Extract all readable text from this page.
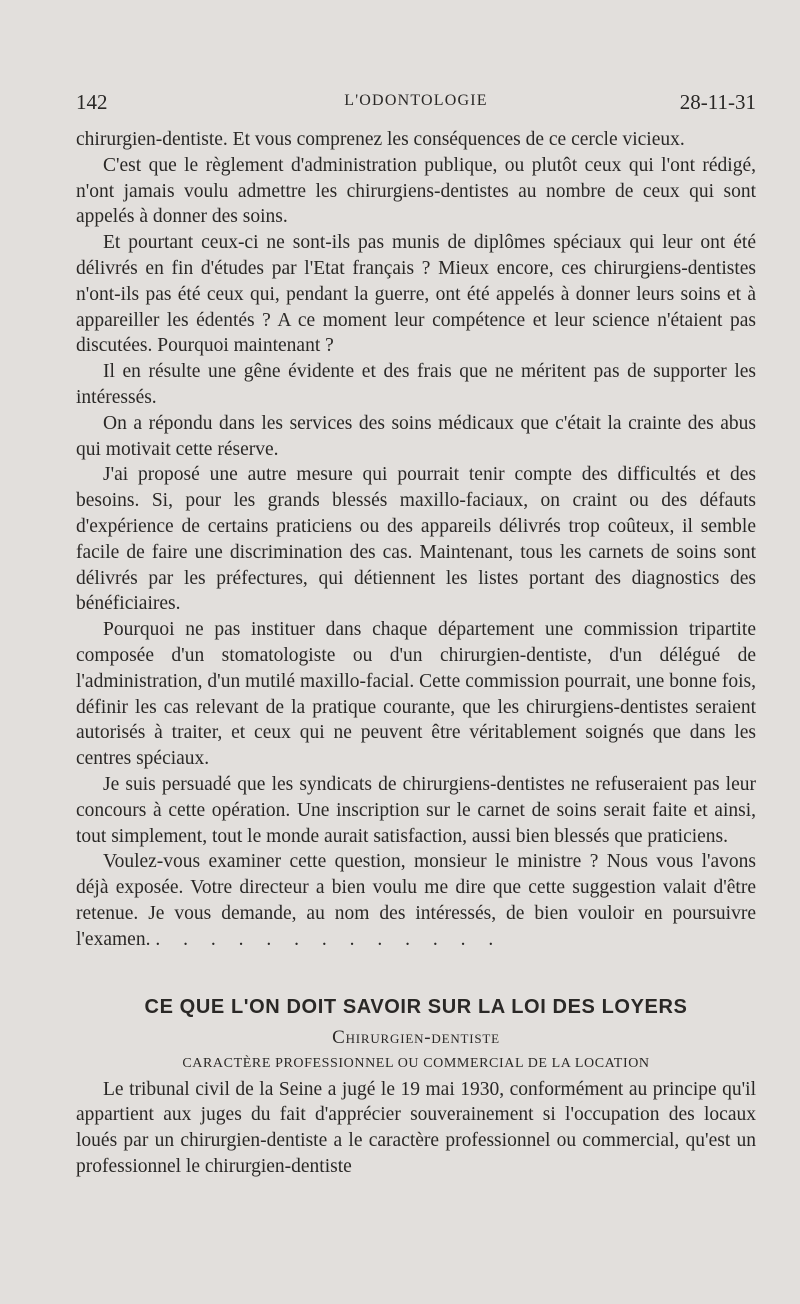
142	L'ODONTOLOGIE	28-11-31

chirurgien-dentiste. Et vous comprenez les conséquences de ce cercle vicieux.

C'est que le règlement d'administration publique, ou plutôt ceux qui l'ont rédigé, n'ont jamais voulu admettre les chirurgiens-dentistes au nombre de ceux qui sont appelés à donner des soins.

Et pourtant ceux-ci ne sont-ils pas munis de diplômes spéciaux qui leur ont été délivrés en fin d'études par l'Etat français ? Mieux encore, ces chirurgiens-dentistes n'ont-ils pas été ceux qui, pendant la guerre, ont été appelés à donner leurs soins et à appareiller les édentés ? A ce moment leur compétence et leur science n'étaient pas discutées. Pourquoi maintenant ?

Il en résulte une gêne évidente et des frais que ne méritent pas de supporter les intéressés.

On a répondu dans les services des soins médicaux que c'était la crainte des abus qui motivait cette réserve.

J'ai proposé une autre mesure qui pourrait tenir compte des difficultés et des besoins. Si, pour les grands blessés maxillo-faciaux, on craint ou des défauts d'expérience de certains praticiens ou des appareils délivrés trop coûteux, il semble facile de faire une discrimination des cas. Maintenant, tous les carnets de soins sont délivrés par les préfectures, qui détiennent les listes portant des diagnostics des bénéficiaires.

Pourquoi ne pas instituer dans chaque département une commission tripartite composée d'un stomatologiste ou d'un chirurgien-dentiste, d'un délégué de l'administration, d'un mutilé maxillo-facial. Cette commission pourrait, une bonne fois, définir les cas relevant de la pratique courante, que les chirurgiens-dentistes seraient autorisés à traiter, et ceux qui ne peuvent être véritablement soignés que dans les centres spéciaux.

Je suis persuadé que les syndicats de chirurgiens-dentistes ne refuseraient pas leur concours à cette opération. Une inscription sur le carnet de soins serait faite et ainsi, tout simplement, tout le monde aurait satisfaction, aussi bien blessés que praticiens.

Voulez-vous examiner cette question, monsieur le ministre ? Nous vous l'avons déjà exposée. Votre directeur a bien voulu me dire que cette suggestion valait d'être retenue. Je vous demande, au nom des intéressés, de bien vouloir en poursuivre l'examen. . . . . . . . . . . . . .

CE QUE L'ON DOIT SAVOIR SUR LA LOI DES LOYERS
Chirurgien-dentiste
CARACTÈRE PROFESSIONNEL OU COMMERCIAL DE LA LOCATION

Le tribunal civil de la Seine a jugé le 19 mai 1930, conformément au principe qu'il appartient aux juges du fait d'apprécier souverainement si l'occupation des locaux loués par un chirurgien-dentiste a le caractère professionnel ou commercial, qu'est un professionnel le chirurgien-dentiste
